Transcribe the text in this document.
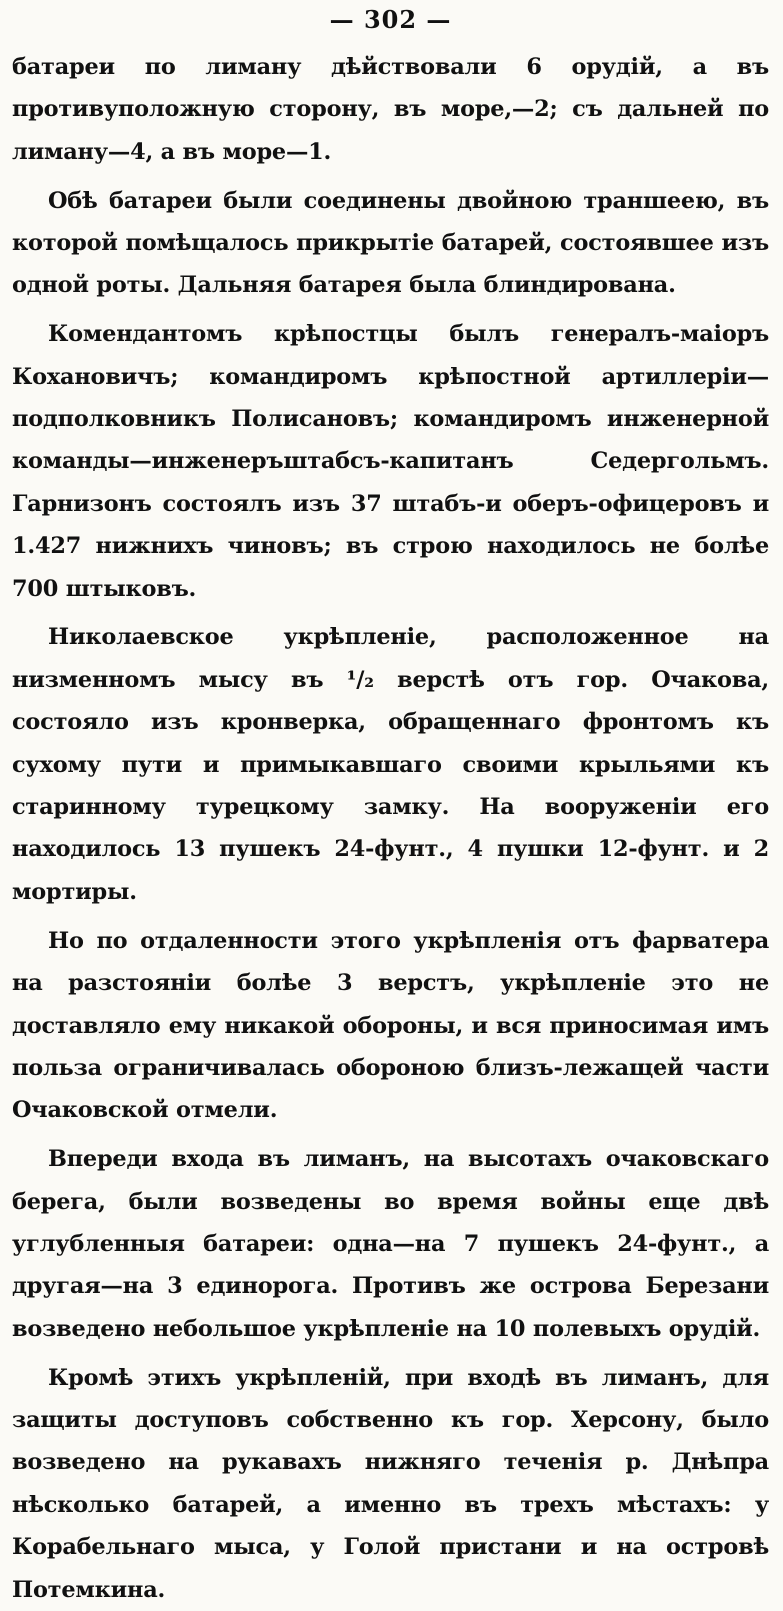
— 302 —

батареи по лиману дѣйствовали 6 орудій, а въ противуположную сторону, въ море,—2; съ дальней по лиману—4, а въ море—1.

Обѣ батареи были соединены двойною траншеею, въ которой помѣщалось прикрытіе батарей, состоявшее изъ одной роты. Дальняя батарея была блиндирована.

Комендантомъ крѣпостцы былъ генералъ-маіоръ Кохановичъ; командиромъ крѣпостной артиллеріи—подполковникъ Полисановъ; командиромъ инженерной команды—инженеръштабсъ-капитанъ Седергольмъ. Гарнизонъ состоялъ изъ 37 штабъ-и оберъ-офицеровъ и 1.427 нижнихъ чиновъ; въ строю находилось не болѣе 700 штыковъ.

Николаевское укрѣпленіе, расположенное на низменномъ мысу въ ¹/₂ верстѣ отъ гор. Очакова, состояло изъ кронверка, обращеннаго фронтомъ къ сухому пути и примыкавшаго своими крыльями къ старинному турецкому замку. На вооруженіи его находилось 13 пушекъ 24-фунт., 4 пушки 12-фунт. и 2 мортиры.

Но по отдаленности этого укрѣпленія отъ фарватера на разстояніи болѣе 3 верстъ, укрѣпленіе это не доставляло ему никакой обороны, и вся приносимая имъ польза ограничивалась обороною близъ-лежащей части Очаковской отмели.

Впереди входа въ лиманъ, на высотахъ очаковскаго берега, были возведены во время войны еще двѣ углубленныя батареи: одна—на 7 пушекъ 24-фунт., а другая—на 3 единорога. Противъ же острова Березани возведено небольшое укрѣпленіе на 10 полевыхъ орудій.

Кромѣ этихъ укрѣпленій, при входѣ въ лиманъ, для защиты доступовъ собственно къ гор. Херсону, было возведено на рукавахъ нижняго теченія р. Днѣпра нѣсколько батарей, а именно въ трехъ мѣстахъ: у Корабельнаго мыса, у Голой пристани и на островѣ Потемкина.
